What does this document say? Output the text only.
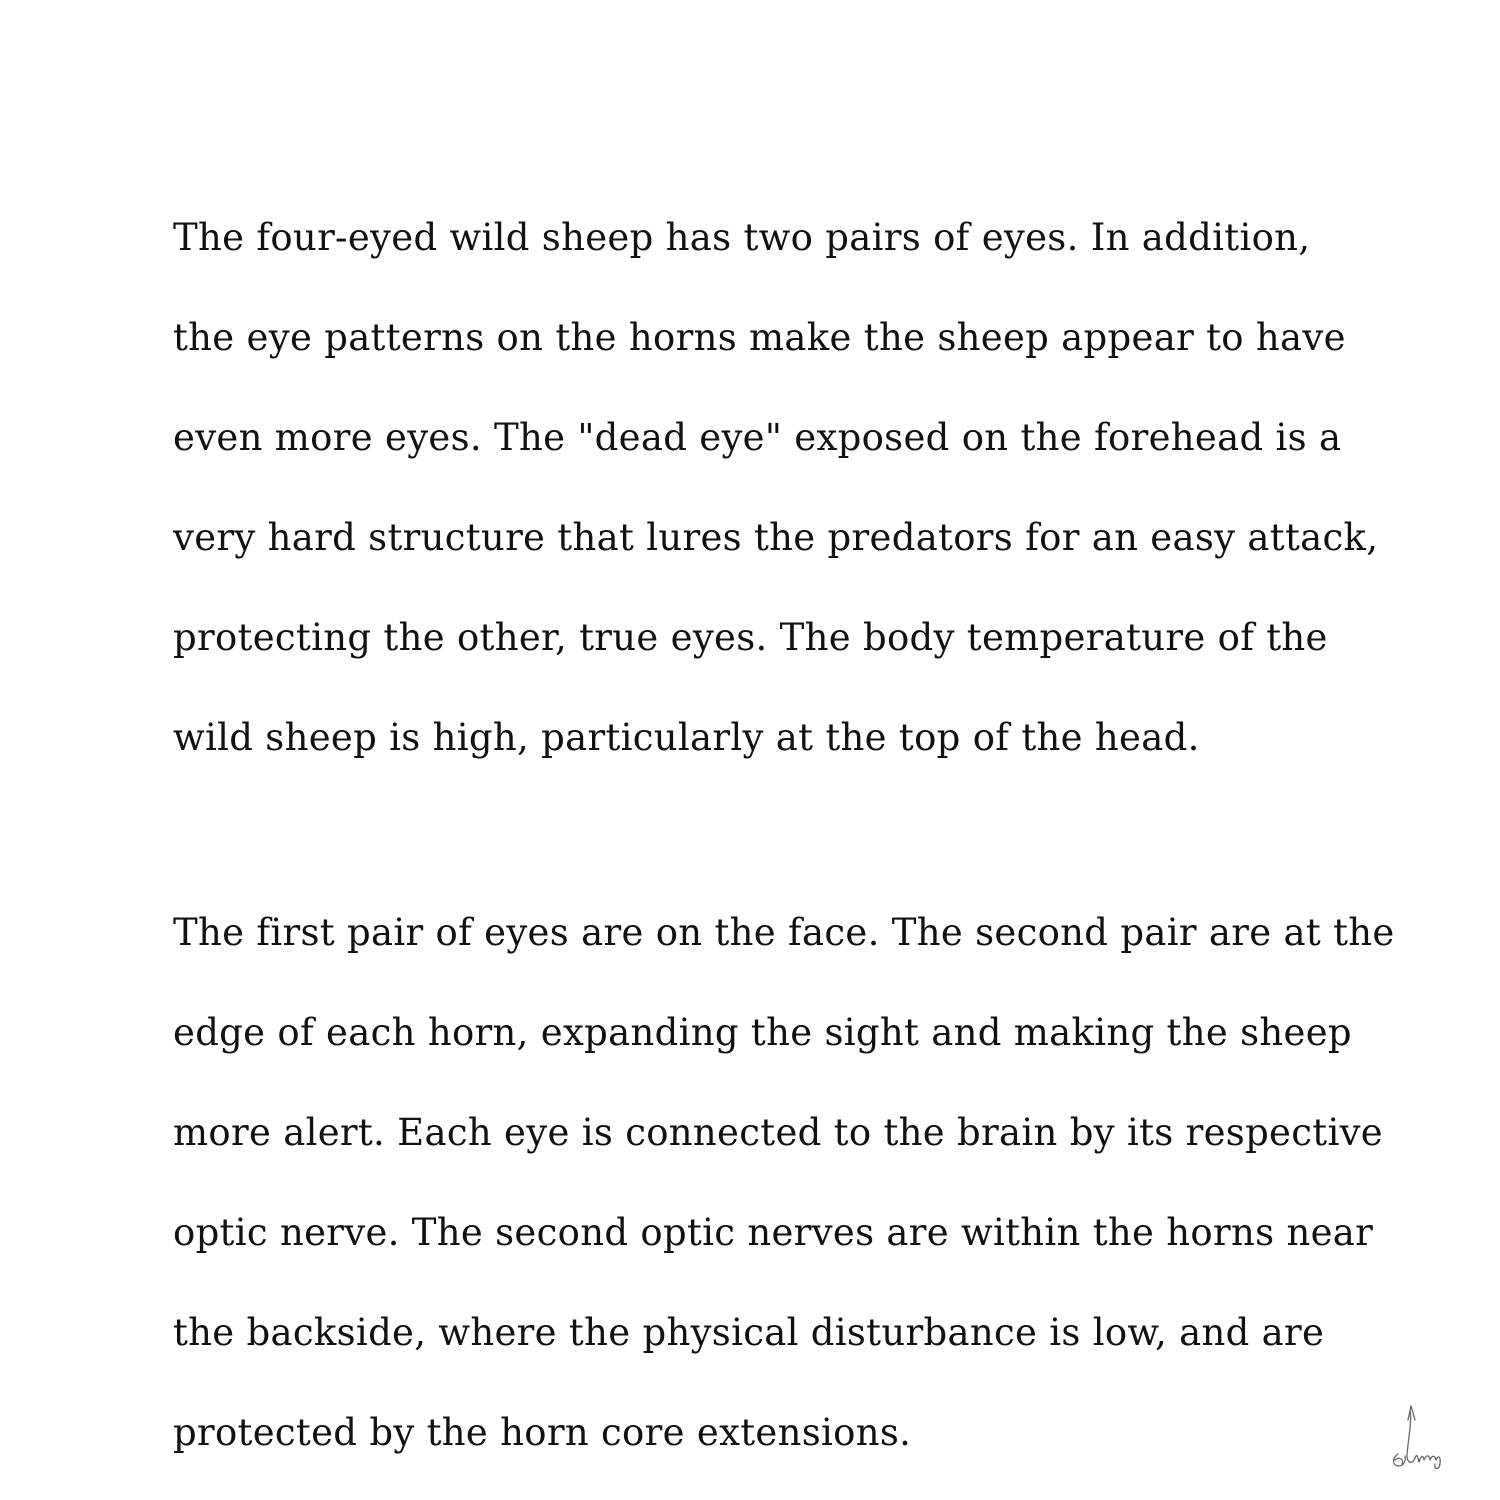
The four-eyed wild sheep has two pairs of eyes. In addition,

the eye patterns on the horns make the sheep appear to have

even more eyes. The "dead eye" exposed on the forehead is a

very hard structure that lures the predators for an easy attack,

protecting the other, true eyes. The body temperature of the

wild sheep is high, particularly at the top of the head.

The first pair of eyes are on the face. The second pair are at the

edge of each horn, expanding the sight and making the sheep

more alert. Each eye is connected to the brain by its respective

optic nerve. The second optic nerves are within the horns near

the backside, where the physical disturbance is low, and are

protected by the horn core extensions.
